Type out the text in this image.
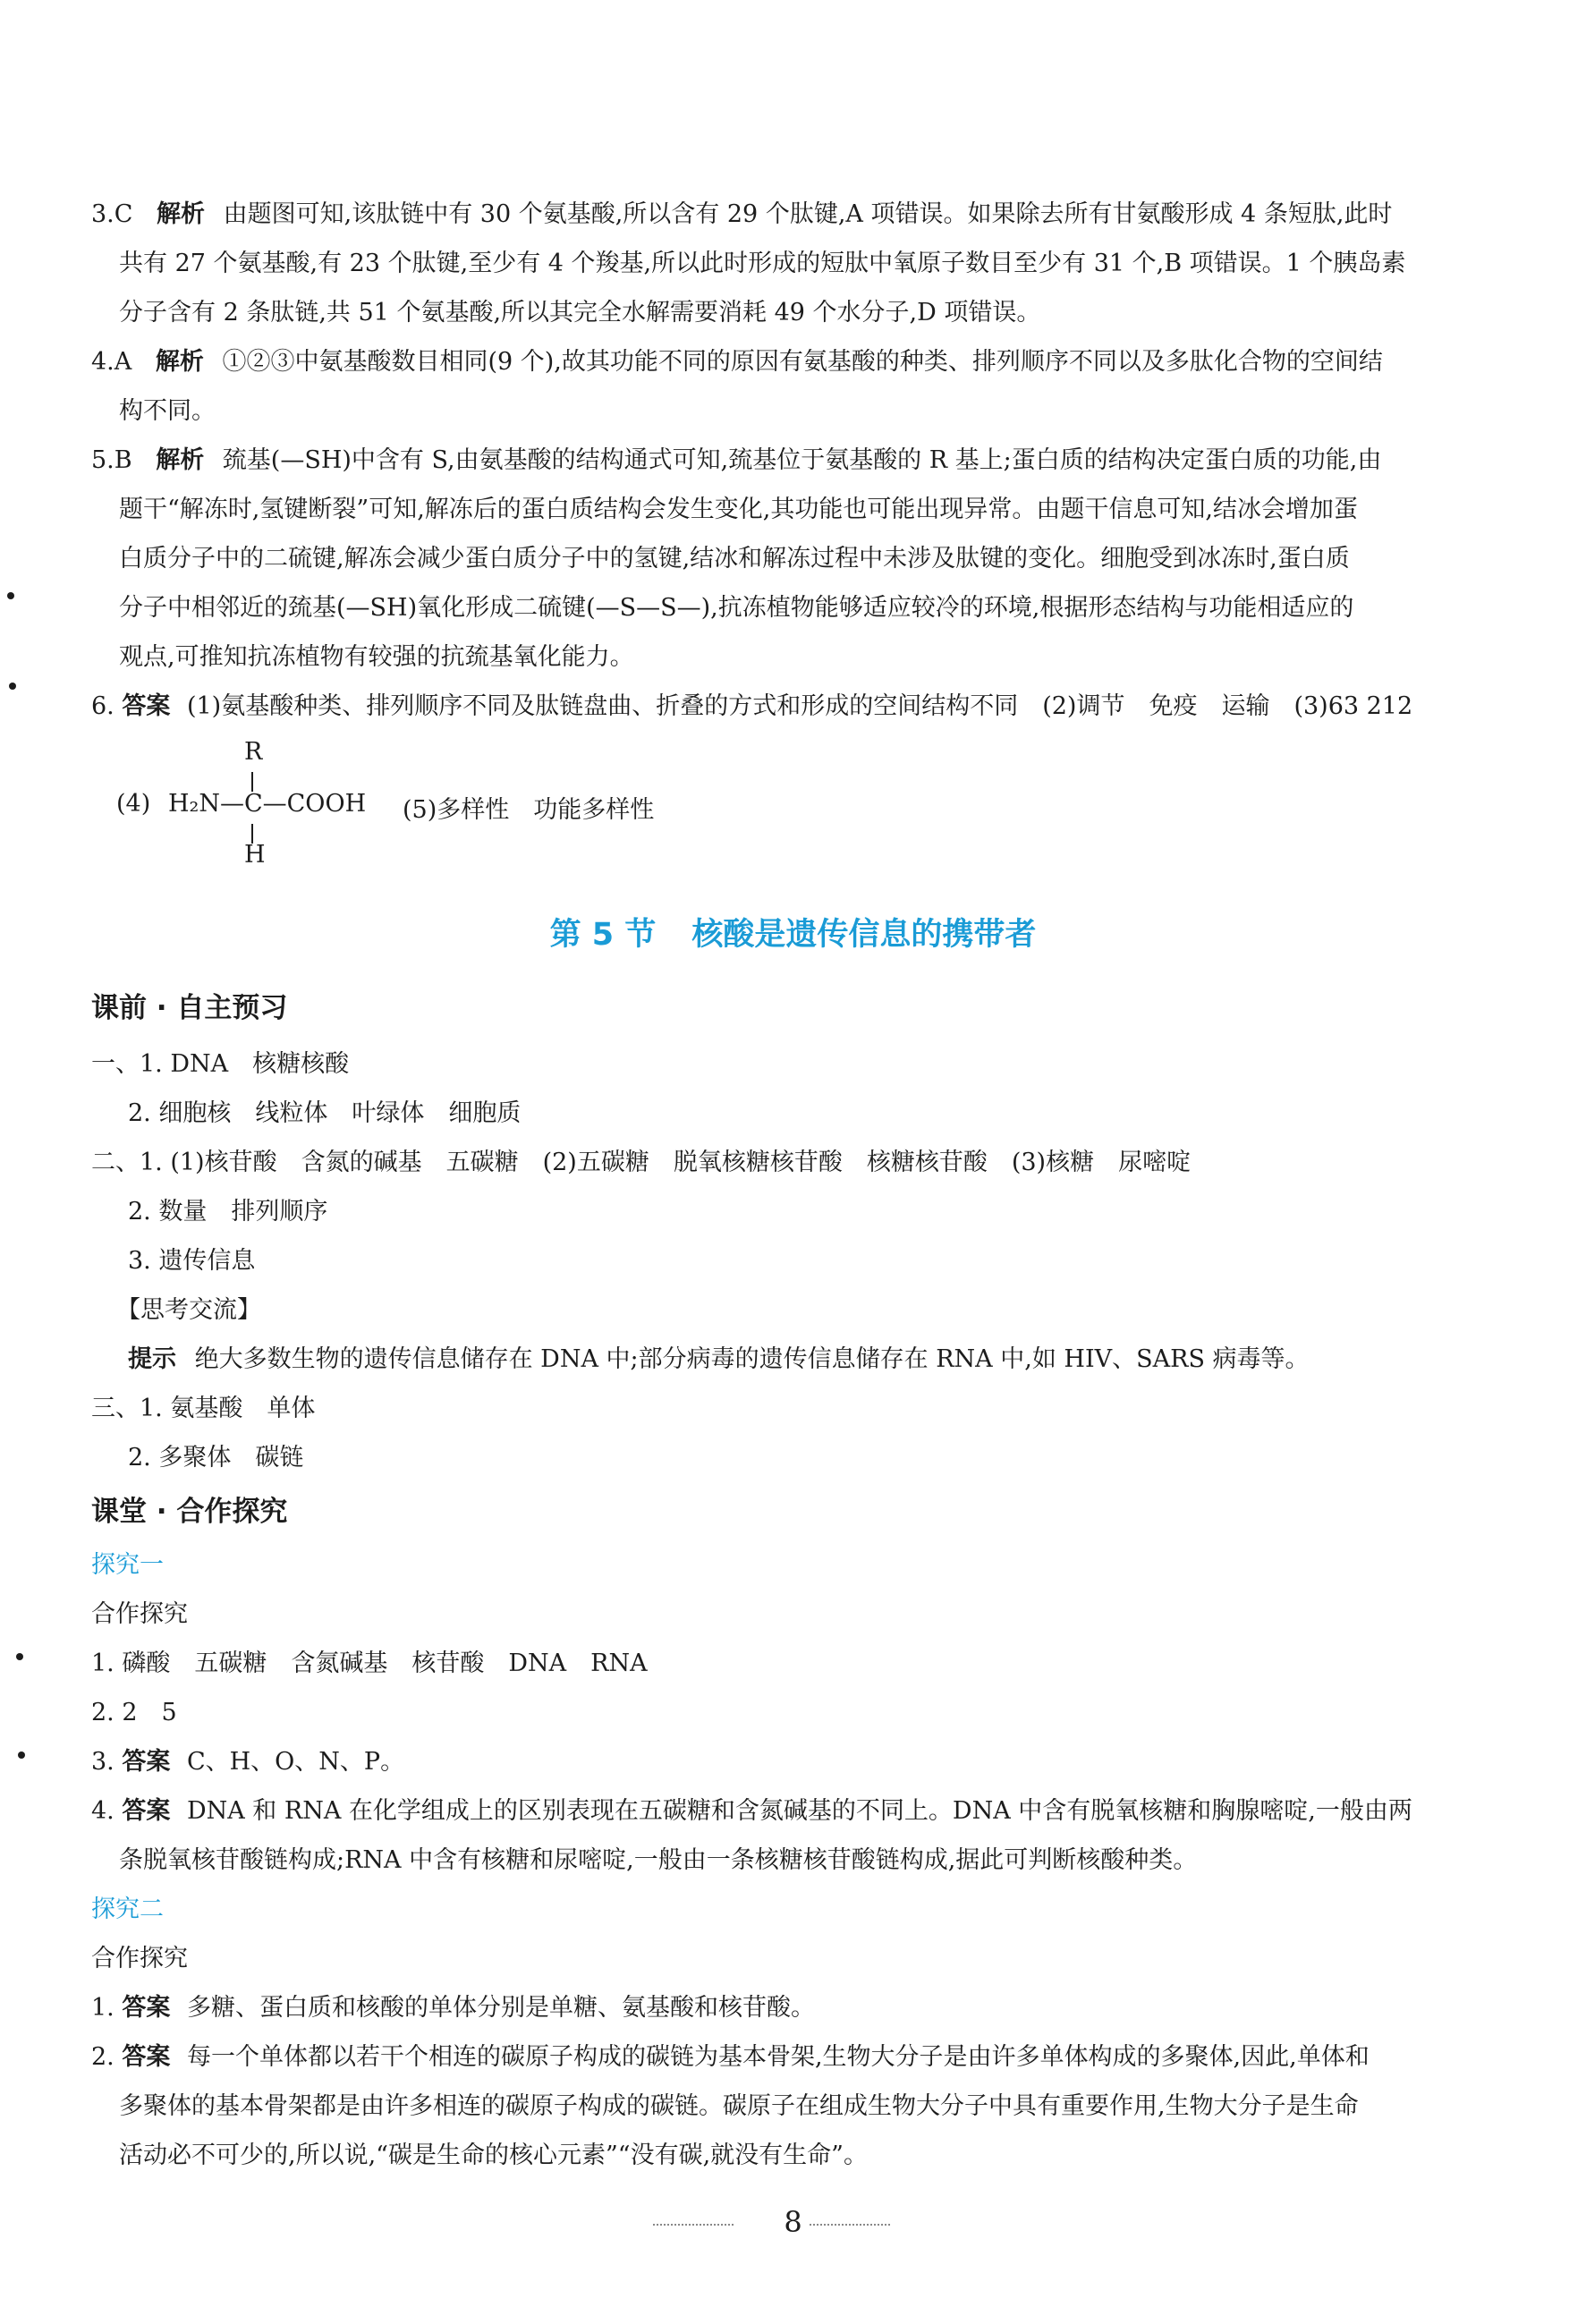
3.C 解析 由题图可知,该肽链中有 30 个氨基酸,所以含有 29 个肽键,A 项错误。如果除去所有甘氨酸形成 4 条短肽,此时
共有 27 个氨基酸,有 23 个肽键,至少有 4 个羧基,所以此时形成的短肽中氧原子数目至少有 31 个,B 项错误。1 个胰岛素
分子含有 2 条肽链,共 51 个氨基酸,所以其完全水解需要消耗 49 个水分子,D 项错误。
4.A 解析 ①②③中氨基酸数目相同(9 个),故其功能不同的原因有氨基酸的种类、排列顺序不同以及多肽化合物的空间结
构不同。
5.B 解析 巯基(—SH)中含有 S,由氨基酸的结构通式可知,巯基位于氨基酸的 R 基上;蛋白质的结构决定蛋白质的功能,由
题干“解冻时,氢键断裂”可知,解冻后的蛋白质结构会发生变化,其功能也可能出现异常。由题干信息可知,结冰会增加蛋
白质分子中的二硫键,解冻会减少蛋白质分子中的氢键,结冰和解冻过程中未涉及肽键的变化。细胞受到冰冻时,蛋白质
分子中相邻近的巯基(—SH)氧化形成二硫键(—S—S—),抗冻植物能够适应较冷的环境,根据形态结构与功能相适应的
观点,可推知抗冻植物有较强的抗巯基氧化能力。
6. 答案 (1)氨基酸种类、排列顺序不同及肽链盘曲、折叠的方式和形成的空间结构不同　(2)调节　免疫　运输　(3)63 212
(4)
R
H₂N—C—COOH
H
(5)多样性　功能多样性
第 5 节 核酸是遗传信息的携带者
课前 · 自主预习
一、1. DNA　核糖核酸
2. 细胞核　线粒体　叶绿体　细胞质
二、1. (1)核苷酸　含氮的碱基　五碳糖　(2)五碳糖　脱氧核糖核苷酸　核糖核苷酸　(3)核糖　尿嘧啶
2. 数量　排列顺序
3. 遗传信息
【思考交流】
提示 绝大多数生物的遗传信息储存在 DNA 中;部分病毒的遗传信息储存在 RNA 中,如 HIV、SARS 病毒等。
三、1. 氨基酸　单体
2. 多聚体　碳链
课堂 · 合作探究
探究一
合作探究
1. 磷酸　五碳糖　含氮碱基　核苷酸　DNA　RNA
2. 2　5
3. 答案 C、H、O、N、P。
4. 答案 DNA 和 RNA 在化学组成上的区别表现在五碳糖和含氮碱基的不同上。DNA 中含有脱氧核糖和胸腺嘧啶,一般由两
条脱氧核苷酸链构成;RNA 中含有核糖和尿嘧啶,一般由一条核糖核苷酸链构成,据此可判断核酸种类。
探究二
合作探究
1. 答案 多糖、蛋白质和核酸的单体分别是单糖、氨基酸和核苷酸。
2. 答案 每一个单体都以若干个相连的碳原子构成的碳链为基本骨架,生物大分子是由许多单体构成的多聚体,因此,单体和
多聚体的基本骨架都是由许多相连的碳原子构成的碳链。碳原子在组成生物大分子中具有重要作用,生物大分子是生命
活动必不可少的,所以说,“碳是生命的核心元素”“没有碳,就没有生命”。
8
